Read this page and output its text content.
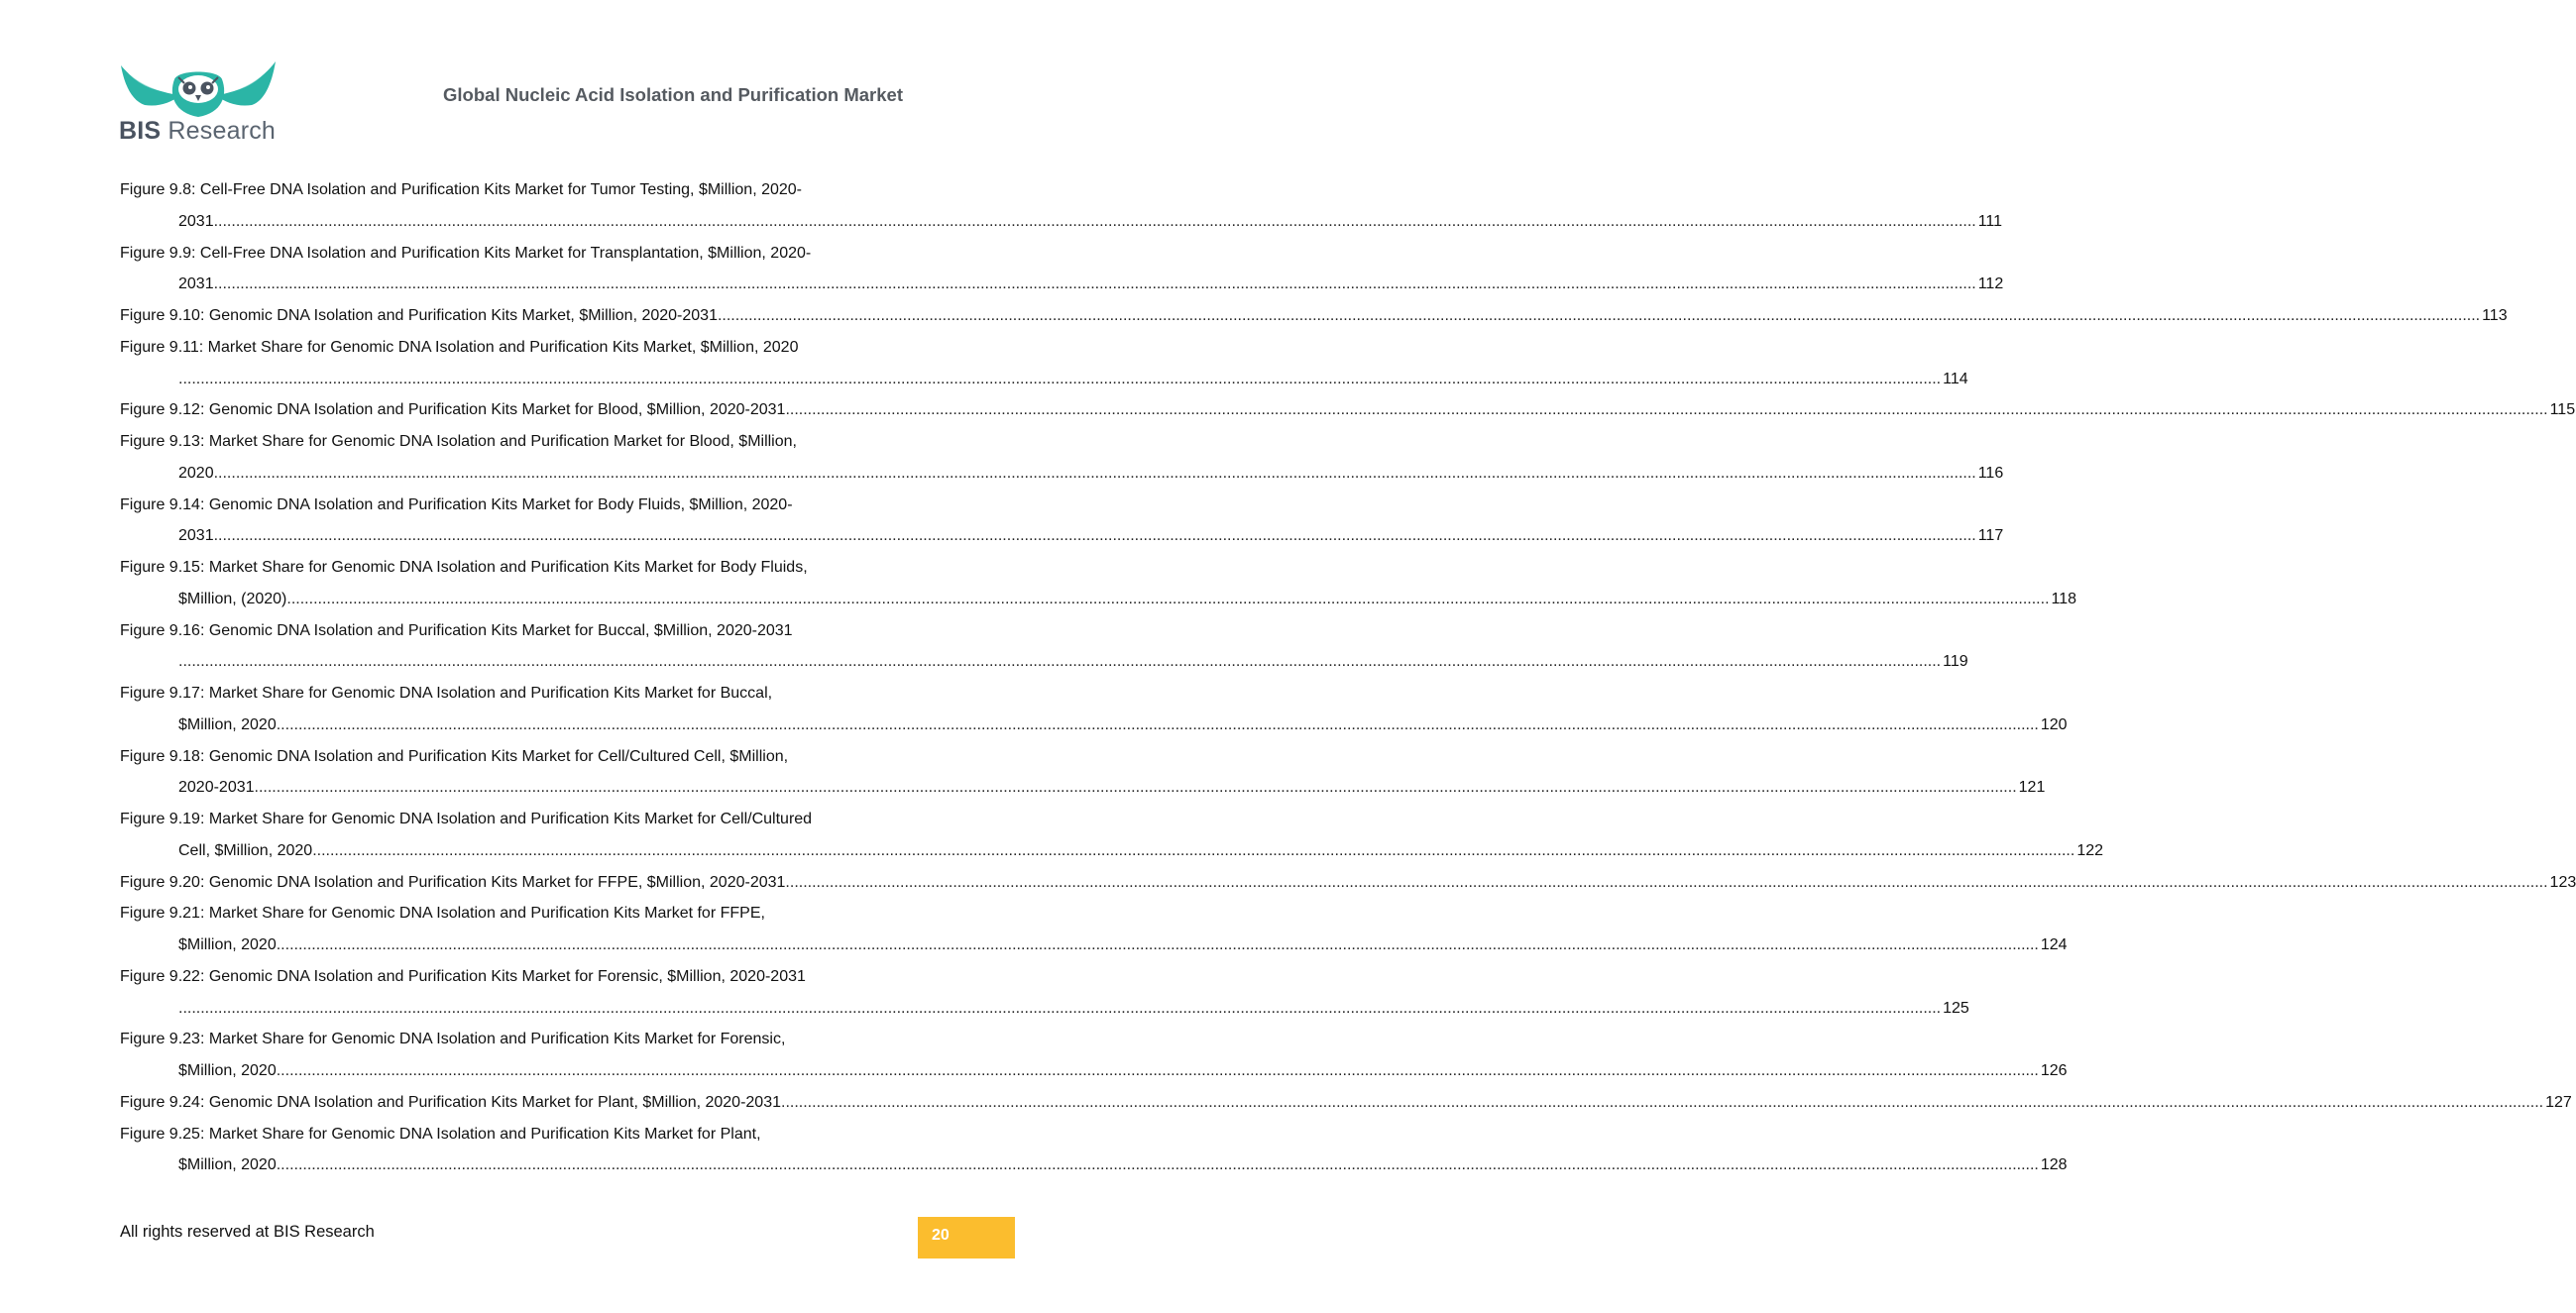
BIS Research
Global Nucleic Acid Isolation and Purification Market
Figure 9.8: Cell-Free DNA Isolation and Purification Kits Market for Tumor Testing, $Million, 2020-
2031 ................................................................................................................................................................................................................................................................................................................................................................................................................ 111
Figure 9.9: Cell-Free DNA Isolation and Purification Kits Market for Transplantation, $Million, 2020-
2031 ................................................................................................................................................................................................................................................................................................................................................................................................................ 112
Figure 9.10: Genomic DNA Isolation and Purification Kits Market, $Million, 2020-2031 ................................................................................................................................................................................................................................................................................................................................................................................................................ 113
Figure 9.11: Market Share for Genomic DNA Isolation and Purification Kits Market, $Million, 2020
................................................................................................................................................................................................................................................................................................................................................................................................................ 114
Figure 9.12: Genomic DNA Isolation and Purification Kits Market for Blood, $Million, 2020-2031 ................................................................................................................................................................................................................................................................................................................................................................................................................ 115
Figure 9.13: Market Share for Genomic DNA Isolation and Purification Market for Blood, $Million,
2020 ................................................................................................................................................................................................................................................................................................................................................................................................................ 116
Figure 9.14: Genomic DNA Isolation and Purification Kits Market for Body Fluids, $Million, 2020-
2031 ................................................................................................................................................................................................................................................................................................................................................................................................................ 117
Figure 9.15: Market Share for Genomic DNA Isolation and Purification Kits Market for Body Fluids,
$Million, (2020) ................................................................................................................................................................................................................................................................................................................................................................................................................ 118
Figure 9.16: Genomic DNA Isolation and Purification Kits Market for Buccal, $Million, 2020-2031
................................................................................................................................................................................................................................................................................................................................................................................................................ 119
Figure 9.17: Market Share for Genomic DNA Isolation and Purification Kits Market for Buccal,
$Million, 2020 ................................................................................................................................................................................................................................................................................................................................................................................................................ 120
Figure 9.18: Genomic DNA Isolation and Purification Kits Market for Cell/Cultured Cell, $Million,
2020-2031 ................................................................................................................................................................................................................................................................................................................................................................................................................ 121
Figure 9.19: Market Share for Genomic DNA Isolation and Purification Kits Market for Cell/Cultured
Cell, $Million, 2020 ................................................................................................................................................................................................................................................................................................................................................................................................................ 122
Figure 9.20: Genomic DNA Isolation and Purification Kits Market for FFPE, $Million, 2020-2031 ................................................................................................................................................................................................................................................................................................................................................................................................................ 123
Figure 9.21: Market Share for Genomic DNA Isolation and Purification Kits Market for FFPE,
$Million, 2020 ................................................................................................................................................................................................................................................................................................................................................................................................................ 124
Figure 9.22: Genomic DNA Isolation and Purification Kits Market for Forensic, $Million, 2020-2031
................................................................................................................................................................................................................................................................................................................................................................................................................ 125
Figure 9.23: Market Share for Genomic DNA Isolation and Purification Kits Market for Forensic,
$Million, 2020 ................................................................................................................................................................................................................................................................................................................................................................................................................ 126
Figure 9.24: Genomic DNA Isolation and Purification Kits Market for Plant, $Million, 2020-2031 ................................................................................................................................................................................................................................................................................................................................................................................................................ 127
Figure 9.25: Market Share for Genomic DNA Isolation and Purification Kits Market for Plant,
$Million, 2020 ................................................................................................................................................................................................................................................................................................................................................................................................................ 128
All rights reserved at BIS Research	20
